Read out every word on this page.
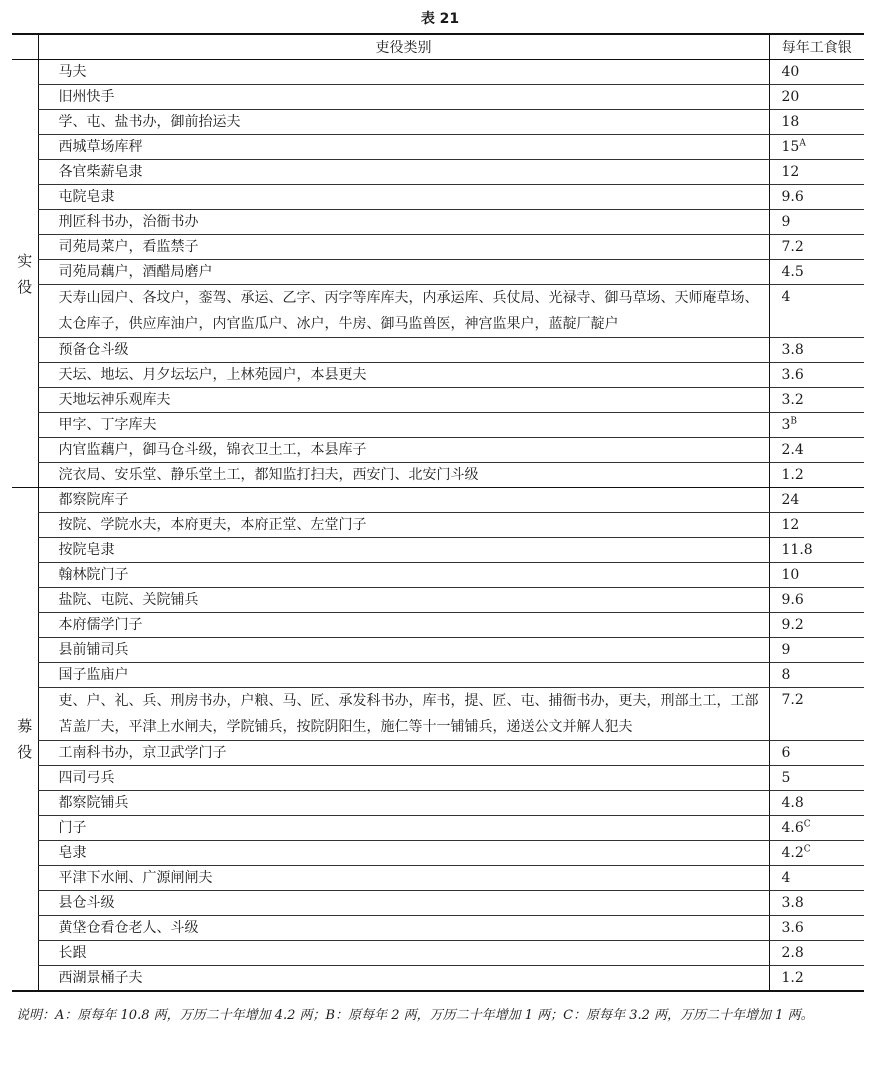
表 21
	吏役类别	每年工食银
实役	马夫	40
	旧州快手	20
	学、屯、盐书办，御前抬运夫	18
	西城草场库秤	$15^A$
	各官柴薪皂隶	12
	屯院皂隶	9.6
	刑匠科书办，治衙书办	9
	司苑局菜户，看监禁子	7.2
	司苑局藕户，酒醋局磨户	4.5
	天寿山园户、各坟户，銮驾、承运、乙字、丙字等库库夫，内承运库、兵仗局、光禄寺、御马草场、天师庵草场、太仓库子，供应库油户，内官监瓜户、冰户，牛房、御马监兽医，神宫监果户，蓝靛厂靛户	4
	预备仓斗级	3.8
	天坛、地坛、月夕坛坛户，上林苑园户，本县更夫	3.6
	天地坛神乐观库夫	3.2
	甲字、丁字库夫	$3^B$
	内官监藕户，御马仓斗级，锦衣卫土工，本县库子	2.4
	浣衣局、安乐堂、静乐堂土工，都知监打扫夫，西安门、北安门斗级	1.2
募役	都察院库子	24
	按院、学院水夫，本府更夫，本府正堂、左堂门子	12
	按院皂隶	11.8
	翰林院门子	10
	盐院、屯院、关院铺兵	9.6
	本府儒学门子	9.2
	县前铺司兵	9
	国子监庙户	8
	吏、户、礼、兵、刑房书办，户粮、马、匠、承发科书办，库书，提、匠、屯、捕衙书办，更夫，刑部土工，工部苫盖厂夫，平津上水闸夫，学院铺兵，按院阴阳生，施仁等十一铺铺兵，递送公文并解人犯夫	7.2
	工南科书办，京卫武学门子	6
	四司弓兵	5
	都察院铺兵	4.8
	门子	$4.6^C$
	皂隶	$4.2^C$
	平津下水闸、广源闸闸夫	4
	县仓斗级	3.8
	黄垡仓看仓老人、斗级	3.6
	长跟	2.8
	西湖景桶子夫	1.2
说明：A：原每年 10.8 两，万历二十年增加 4.2 两；B：原每年 2 两，万历二十年增加 1 两；C：原每年 3.2 两，万历二十年增加 1 两。
